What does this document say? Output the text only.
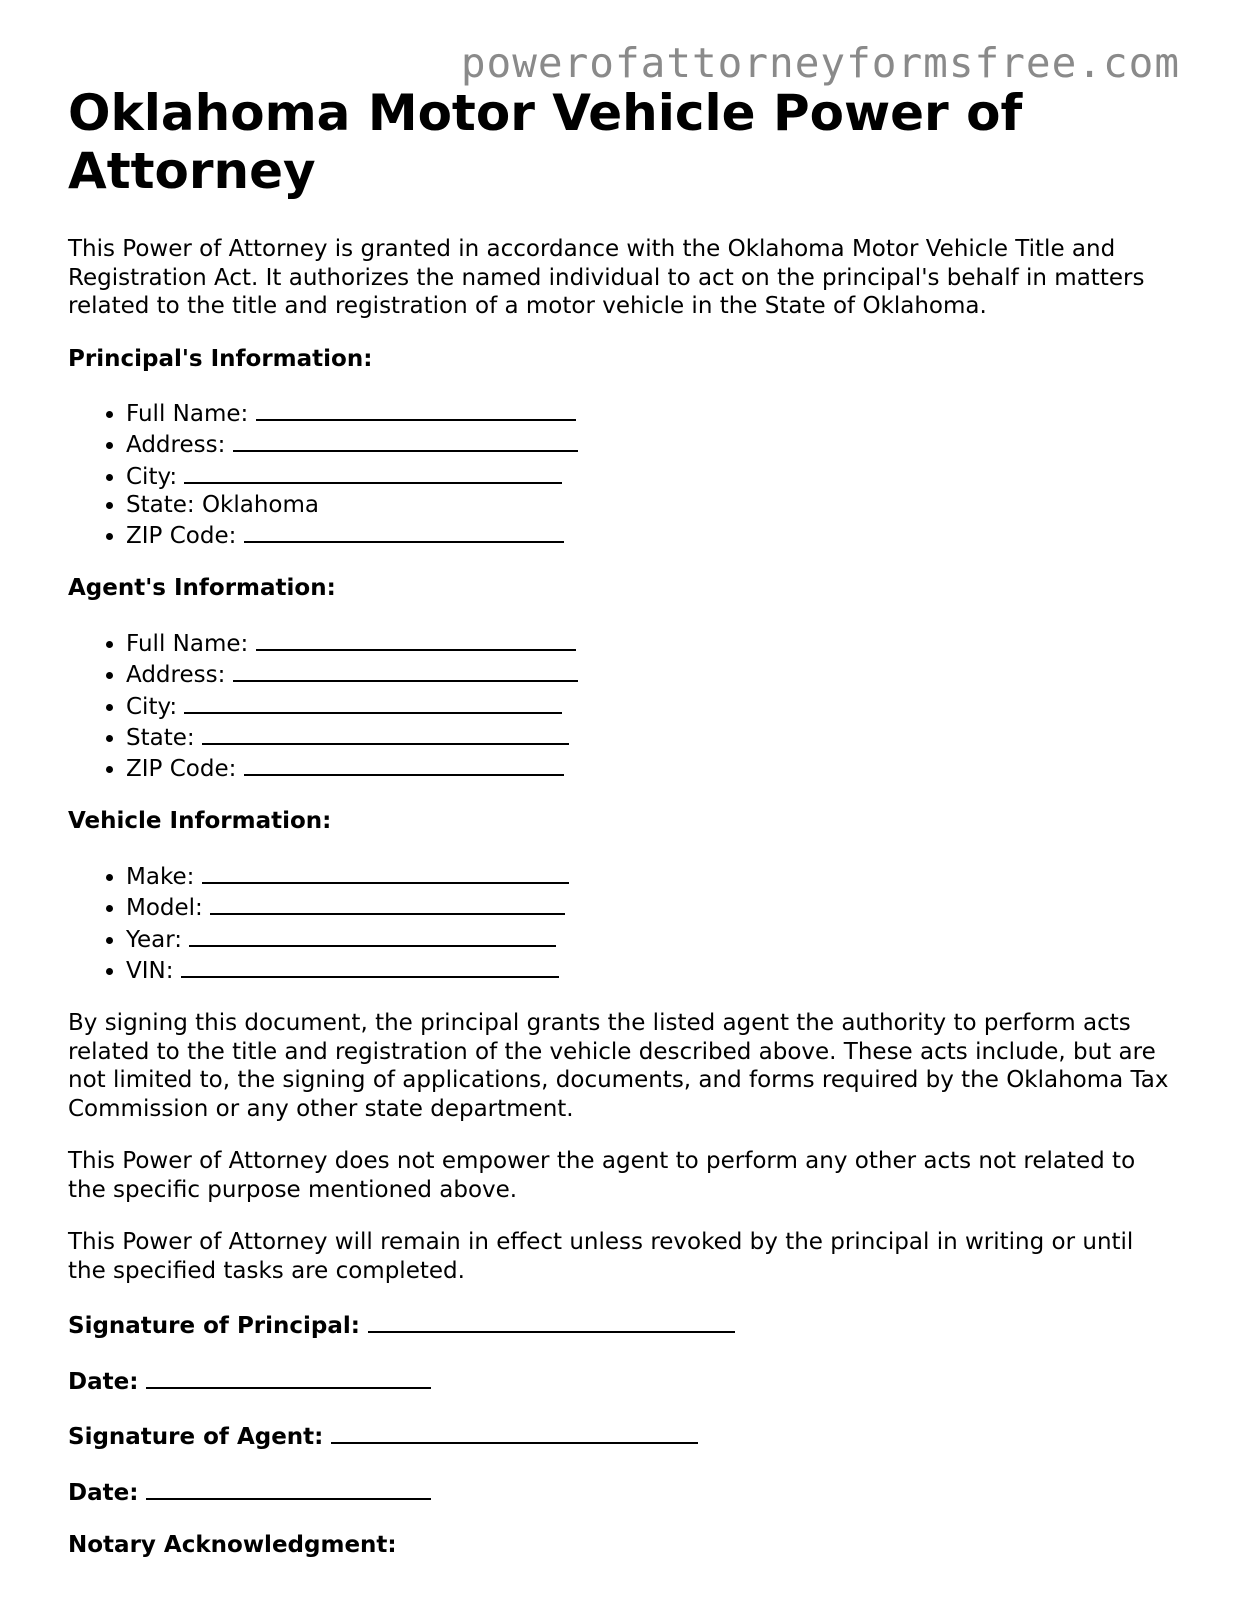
powerofattorneyformsfree.com
Oklahoma Motor Vehicle Power of Attorney

This Power of Attorney is granted in accordance with the Oklahoma Motor Vehicle Title and Registration Act. It authorizes the named individual to act on the principal's behalf in matters related to the title and registration of a motor vehicle in the State of Oklahoma.

Principal's Information:
• Full Name:
• Address:
• City:
• State: Oklahoma
• ZIP Code:
Agent's Information:
• Full Name:
• Address:
• City:
• State:
• ZIP Code:
Vehicle Information:
• Make:
• Model:
• Year:
• VIN:

By signing this document, the principal grants the listed agent the authority to perform acts related to the title and registration of the vehicle described above. These acts include, but are not limited to, the signing of applications, documents, and forms required by the Oklahoma Tax Commission or any other state department.

This Power of Attorney does not empower the agent to perform any other acts not related to the specific purpose mentioned above.

This Power of Attorney will remain in effect unless revoked by the principal in writing or until the specified tasks are completed.

Signature of Principal:
Date:
Signature of Agent:
Date:
Notary Acknowledgment:
